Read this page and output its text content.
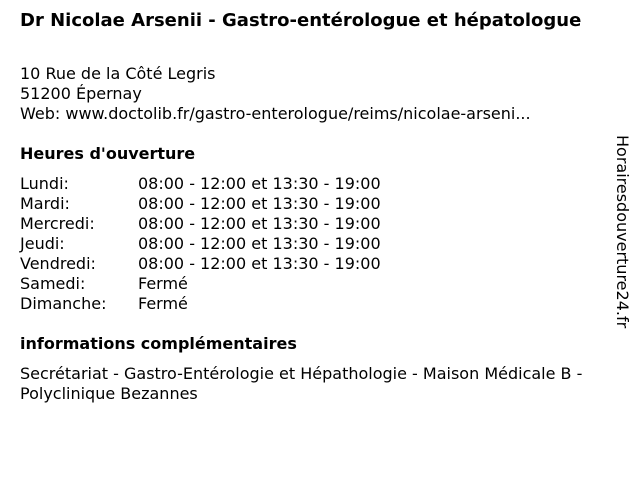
Dr Nicolae Arsenii - Gastro-entérologue et hépatologue
10 Rue de la Côté Legris
51200 Épernay
Web: www.doctolib.fr/gastro-enterologue/reims/nicolae-arseni...
Heures d'ouverture
Lundi:	08:00 - 12:00 et 13:30 - 19:00
Mardi:	08:00 - 12:00 et 13:30 - 19:00
Mercredi:	08:00 - 12:00 et 13:30 - 19:00
Jeudi:	08:00 - 12:00 et 13:30 - 19:00
Vendredi:	08:00 - 12:00 et 13:30 - 19:00
Samedi:	Fermé
Dimanche: Fermé
informations complémentaires
Secrétariat - Gastro-Entérologie et Hépathologie - Maison Médicale B - Polyclinique Bezannes
Horairesdouverture24.fr
